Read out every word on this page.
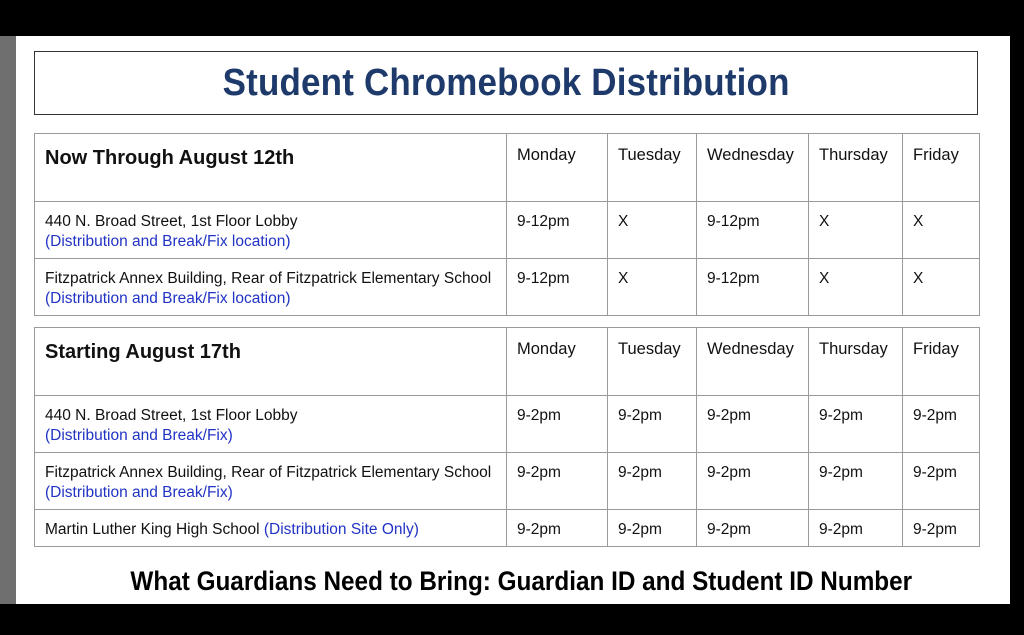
Student Chromebook Distribution
Now Through August 12th	Monday	Tuesday	Wednesday	Thursday	Friday

440 N. Broad Street, 1st Floor Lobby
(Distribution and Break/Fix location)	9-12pm	X	9-12pm	X	X

Fitzpatrick Annex Building, Rear of Fitzpatrick Elementary School
(Distribution and Break/Fix location)	9-12pm	X	9-12pm	X	X
Starting August 17th	Monday	Tuesday	Wednesday	Thursday	Friday

440 N. Broad Street, 1st Floor Lobby
(Distribution and Break/Fix)	9-2pm	9-2pm	9-2pm	9-2pm	9-2pm

Fitzpatrick Annex Building, Rear of Fitzpatrick Elementary School
(Distribution and Break/Fix)	9-2pm	9-2pm	9-2pm	9-2pm	9-2pm
Martin Luther King High School (Distribution Site Only)	9-2pm	9-2pm	9-2pm	9-2pm	9-2pm
What Guardians Need to Bring: Guardian ID and Student ID Number
